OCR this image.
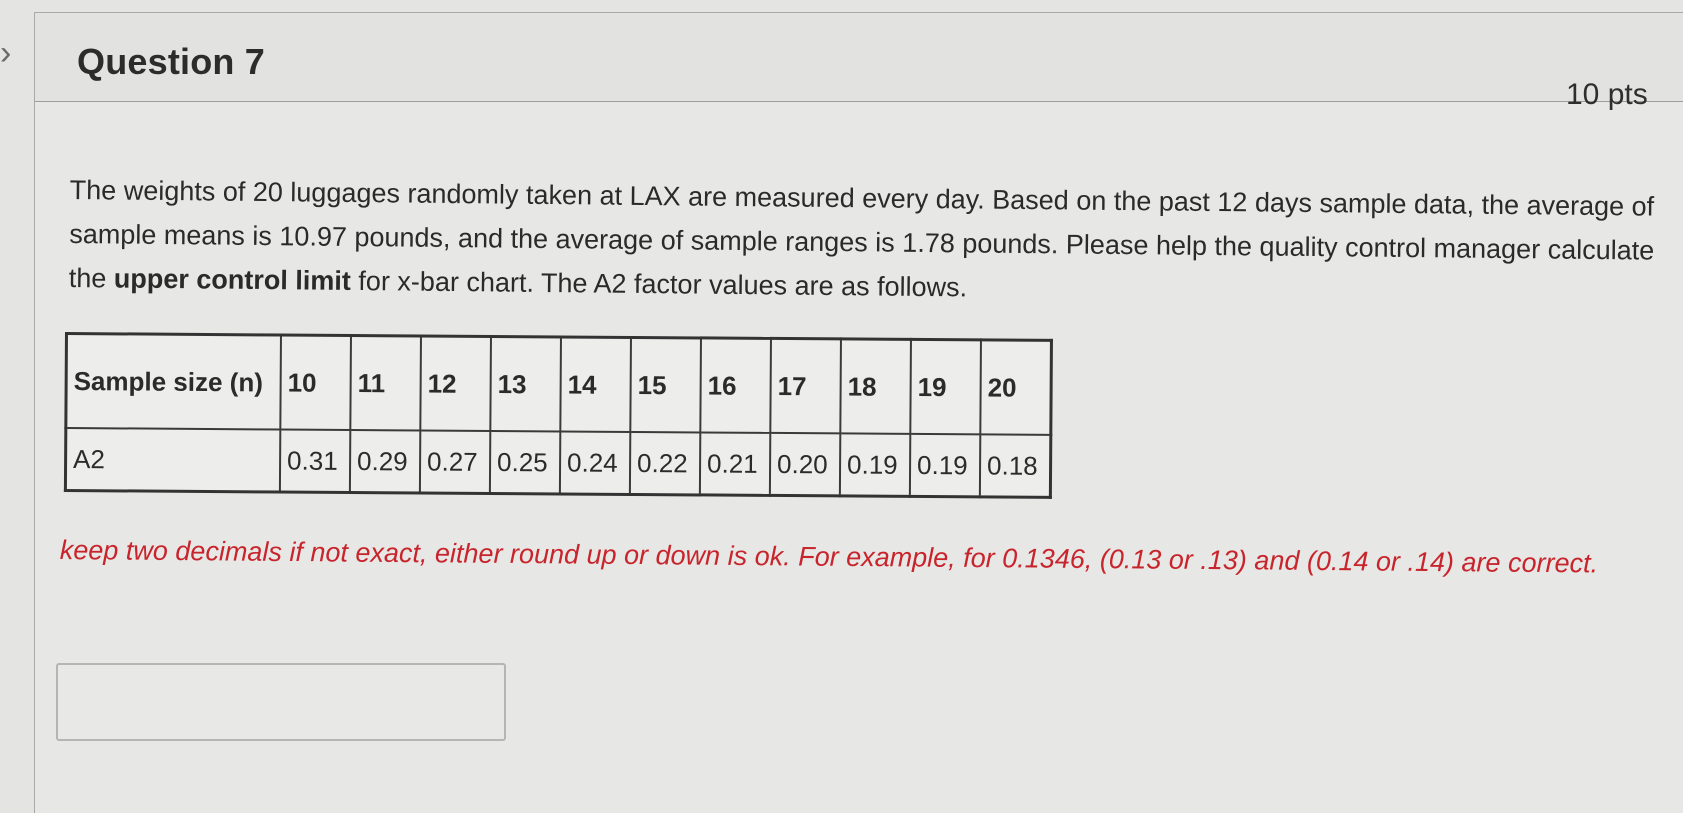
› Question 7
10 pts
The weights of 20 luggages randomly taken at LAX are measured every day. Based on the past 12 days sample data, the average of sample means is 10.97 pounds, and the average of sample ranges is 1.78 pounds. Please help the quality control manager calculate the upper control limit for x-bar chart. The A2 factor values are as follows.
Sample size (n)	10	11	12	13	14	15	16	17	18	19	20
A2	0.31	0.29	0.27	0.25	0.24	0.22	0.21	0.20	0.19	0.19	0.18
keep two decimals if not exact, either round up or down is ok. For example, for 0.1346, (0.13 or .13) and (0.14 or .14) are correct.
